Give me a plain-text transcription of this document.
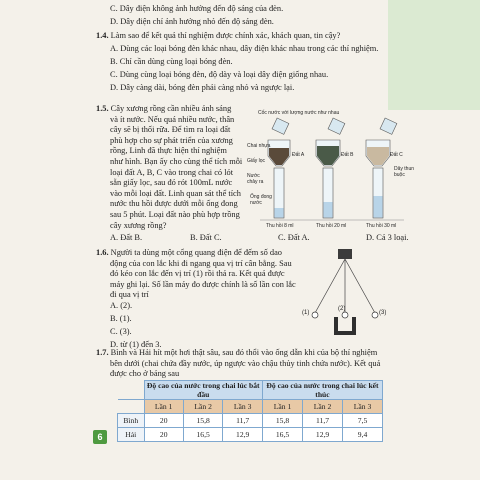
C. Dây điện không ảnh hưởng đến độ sáng của đèn.
D. Dây điện chỉ ảnh hưởng nhỏ đến độ sáng đèn.
1.4. Làm sao để kết quả thí nghiệm được chính xác, khách quan, tin cậy?
A. Dùng các loại bóng đèn khác nhau, dây điện khác nhau trong các thí nghiệm.
B. Chỉ cần dùng cùng loại bóng đèn.
C. Dùng cùng loại bóng đèn, độ dày và loại dây điện giống nhau.
D. Dây càng dài, bóng đèn phải càng nhỏ và ngược lại.
1.5. Cây xương rồng cần nhiều ánh sáng
và ít nước. Nếu quá nhiều nước, thân
cây sẽ bị thối rữa. Để tìm ra loại đất
phù hợp cho sự phát triển của xương
rồng, Linh đã thực hiện thí nghiệm
như hình. Bạn ấy cho cùng thể tích mỗi
loại đất A, B, C vào trong chai có lót
sẵn giấy lọc, sau đó rót 100mL nước
vào mỗi loại đất. Linh quan sát thể tích
nước thu hồi được dưới mỗi ống đong
sau 5 phút. Loại đất nào phù hợp trồng
cây xương rồng?
Cốc nước với lượng nước như nhau
Chai nhựa
Giấy lọc
Nước chảy ra
Ống đong nước
Đất A	Đất B	Đất C
Dây thun buộc
Thu hồi 8 ml	Thu hồi 20 ml	Thu hồi 30 ml
A. Đất B.	B. Đất C.	C. Đất A.	D. Cả 3 loại.
1.6. Người ta dùng một cổng quang điện để đếm số dao
động của con lắc khi đi ngang qua vị trí cân bằng. Sau
đó kéo con lắc đến vị trí (1) rồi thả ra. Kết quả được
máy ghi lại. Số lần máy đo được chính là số lần con lắc
đi qua vị trí
A. (2).
B. (1).
C. (3).
D. từ (1) đến 3.
(1)
(2)
(3)
1.7. Bình và Hải hít một hơi thật sâu, sau đó thổi vào ống dẫn khi của bộ thí nghiệm
bên dưới (chai chứa đầy nước, úp ngược vào chậu thủy tinh chứa nước). Kết quả
được cho ở bảng sau
	Độ cao của nước trong chai lúc bắt đầu			Độ cao của nước trong chai lúc kết thúc		
	Lần 1	Lần 2	Lần 3	Lần 1	Lần 2	Lần 3
Bình	20	15,8	11,7	15,8	11,7	7,5
Hải	20	16,5	12,9	16,5	12,9	9,4
6
